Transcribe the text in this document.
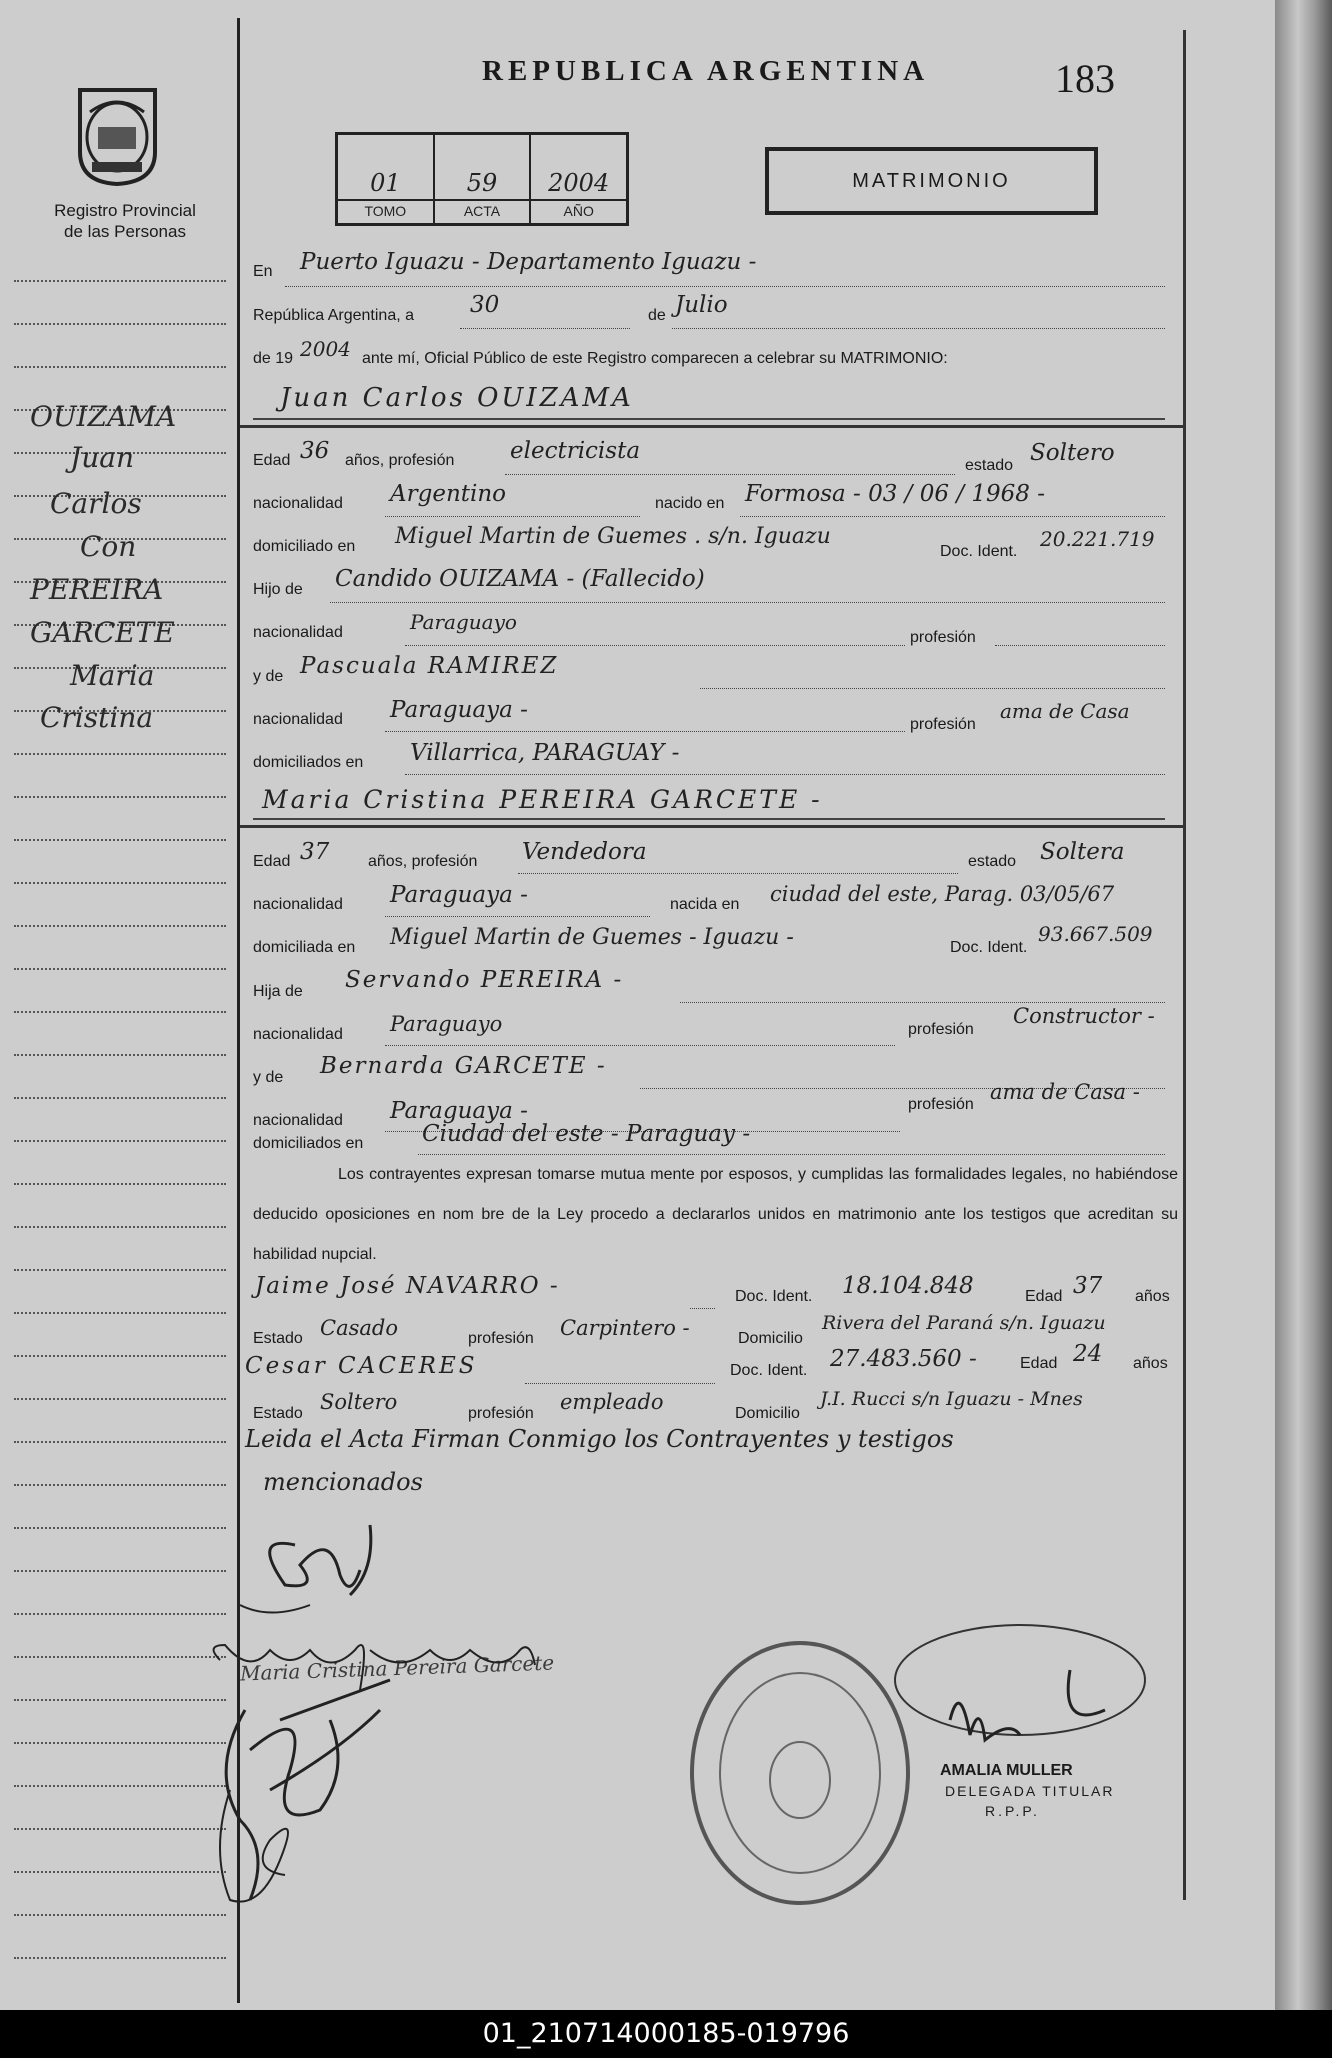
Registro Provincial
de las Personas
OUIZAMA
Juan
Carlos
Con
PEREIRA
GARCETE
Maria
Cristina
REPUBLICA ARGENTINA	183
01
TOMO
59
ACTA
2004
AÑO
MATRIMONIO
En Puerto Iguazu - Departamento Iguazu -
República Argentina, a 30	de Julio
de 19 2004 ante mí, Oficial Público de este Registro comparecen a celebrar su MATRIMONIO:
Juan Carlos OUIZAMA
Edad 36 años, profesión electricista
estado Soltero
nacionalidad Argentino	nacido en Formosa - 03 / 06 / 1968 -
domiciliado en Miguel Martin de Guemes . s/n. Iguazu
Doc. Ident.
20.221.719
Hijo de Candido OUIZAMA - (Fallecido)
nacionalidad	Paraguayo
profesión
y de Pascuala RAMIREZ
nacionalidad Paraguaya -
profesión
ama de Casa
domiciliados en Villarrica, PARAGUAY -
Maria Cristina PEREIRA GARCETE -
Edad 37 años, profesión Vendedora	estado Soltera
nacionalidad Paraguaya -	nacida en ciudad del este, Parag. 03/05/67
domiciliada en Miguel Martin de Guemes - Iguazu -	Doc. Ident.
93.667.509
Hija de Servando PEREIRA -
nacionalidad Paraguayo	profesión
Constructor -
y de Bernarda GARCETE -
nacionalidad Paraguaya -	profesión
ama de Casa -
domiciliados en	Ciudad del este - Paraguay -
Los contrayentes expresan tomarse mutua mente por esposos, y cumplidas las formalidades legales, no habiéndose deducido oposiciones en nom bre de la Ley procedo a declararlos unidos en matrimonio ante los testigos que acreditan su habilidad nupcial.
Jaime José NAVARRO -	Doc. Ident. 18.104.848	Edad 37 años
Estado Casado	profesión Carpintero -	Domicilio
Rivera del Paraná s/n. Iguazu
Cesar CACERES	Doc. Ident. 27.483.560 -	Edad 24 años
Estado Soltero	profesión empleado	Domicilio
J.I. Rucci s/n Iguazu - Mnes
Leida el Acta Firman Conmigo los Contrayentes y testigos
mencionados
Maria Cristina Pereira Garcete
AMALIA MULLER
DELEGADA TITULAR
R.P.P.
01_210714000185-019796
